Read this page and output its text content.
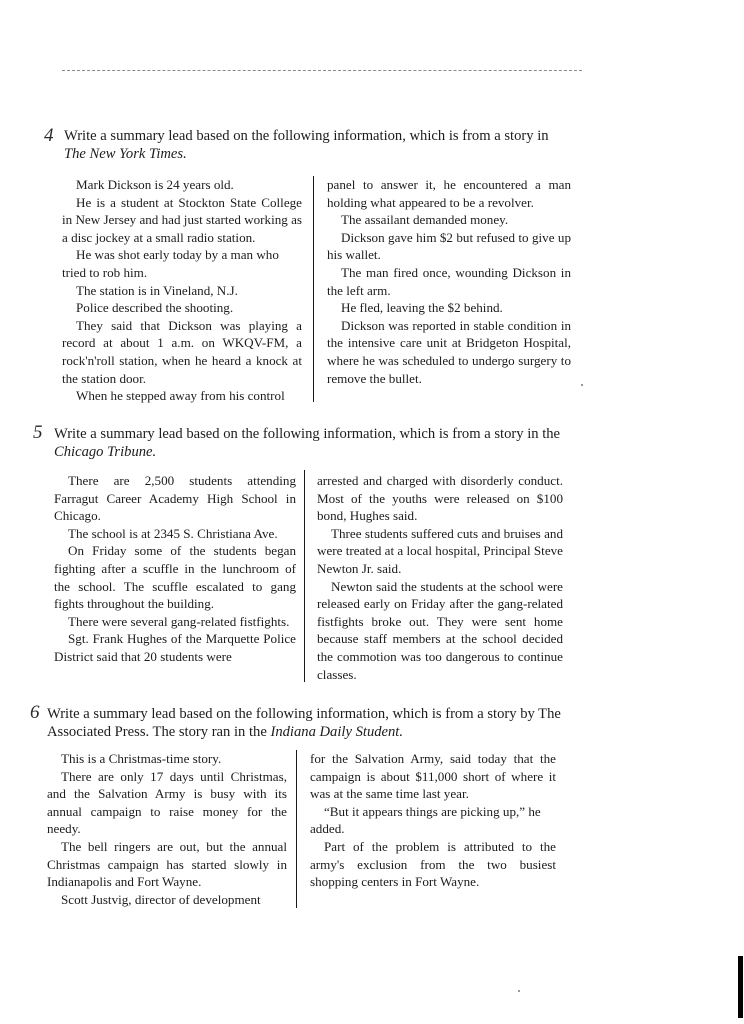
4 Write a summary lead based on the following information, which is from a story in
The New York Times.

Mark Dickson is 24 years old.

He is a student at Stockton State College in New Jersey and had just started working as a disc jockey at a small radio station.

He was shot early today by a man who tried to rob him.

The station is in Vineland, N.J.

Police described the shooting.

They said that Dickson was playing a record at about 1 a.m. on WKQV-FM, a rock'n'roll station, when he heard a knock at the station door.

When he stepped away from his control

panel to answer it, he encountered a man holding what appeared to be a revolver.

The assailant demanded money.

Dickson gave him $2 but refused to give up his wallet.

The man fired once, wounding Dickson in the left arm.

He fled, leaving the $2 behind.

Dickson was reported in stable condition in the intensive care unit at Bridgeton Hospital, where he was scheduled to undergo surgery to remove the bullet.

5 Write a summary lead based on the following information, which is from a story in the Chicago Tribune.

There are 2,500 students attending Farragut Career Academy High School in Chicago.

The school is at 2345 S. Christiana Ave.

On Friday some of the students began fighting after a scuffle in the lunchroom of the school. The scuffle escalated to gang fights throughout the building.

There were several gang-related fistfights.

Sgt. Frank Hughes of the Marquette Police District said that 20 students were

arrested and charged with disorderly conduct. Most of the youths were released on $100 bond, Hughes said.

Three students suffered cuts and bruises and were treated at a local hospital, Principal Steve Newton Jr. said.

Newton said the students at the school were released early on Friday after the gang-related fistfights broke out. They were sent home because staff members at the school decided the commotion was too dangerous to continue classes.

6 Write a summary lead based on the following information, which is from a story by The Associated Press. The story ran in the Indiana Daily Student.

This is a Christmas-time story.

There are only 17 days until Christmas, and the Salvation Army is busy with its annual campaign to raise money for the needy.

The bell ringers are out, but the annual Christmas campaign has started slowly in Indianapolis and Fort Wayne.

Scott Justvig, director of development

for the Salvation Army, said today that the campaign is about $11,000 short of where it was at the same time last year.

“But it appears things are picking up,” he added.

Part of the problem is attributed to the army's exclusion from the two busiest shopping centers in Fort Wayne.
